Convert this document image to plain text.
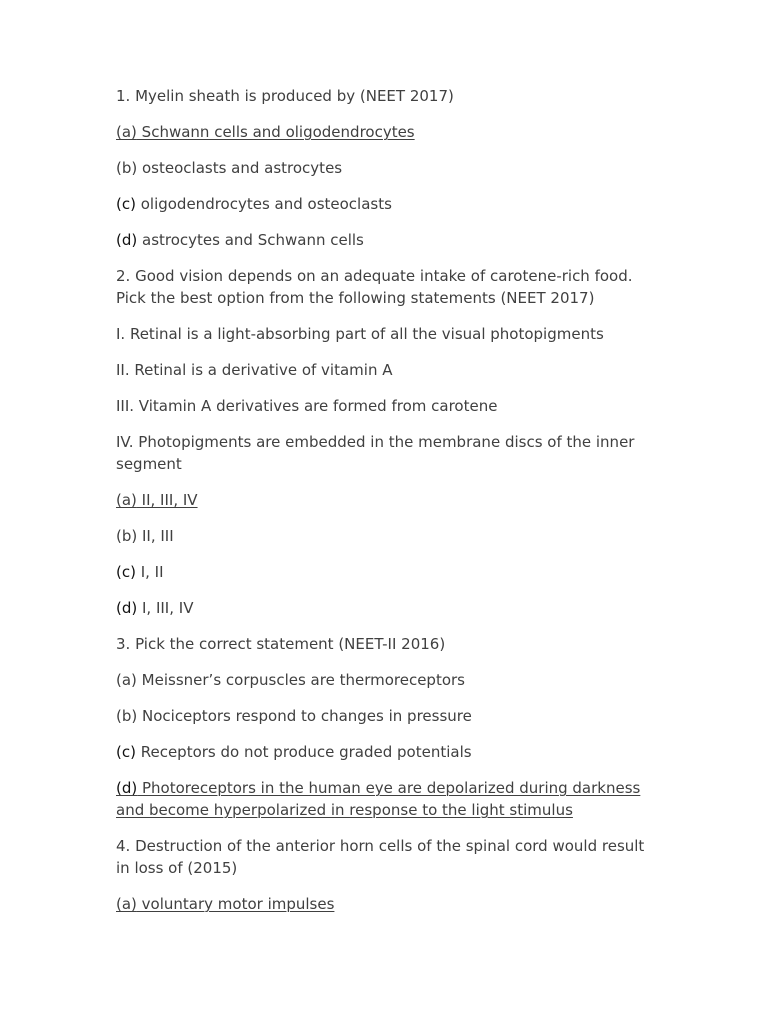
1. Myelin sheath is produced by (NEET 2017)

(a) Schwann cells and oligodendrocytes

(b) osteoclasts and astrocytes

(c) oligodendrocytes and osteoclasts

(d) astrocytes and Schwann cells

2. Good vision depends on an adequate intake of carotene-rich food. Pick the best option from the following statements (NEET 2017)

I. Retinal is a light-absorbing part of all the visual photopigments

II. Retinal is a derivative of vitamin A

III. Vitamin A derivatives are formed from carotene

IV. Photopigments are embedded in the membrane discs of the inner segment

(a) II, III, IV

(b) II, III

(c) I, II

(d) I, III, IV

3. Pick the correct statement (NEET-II 2016)

(a) Meissner’s corpuscles are thermoreceptors

(b) Nociceptors respond to changes in pressure

(c) Receptors do not produce graded potentials

(d) Photoreceptors in the human eye are depolarized during darkness and become hyperpolarized in response to the light stimulus

4. Destruction of the anterior horn cells of the spinal cord would result in loss of (2015)

(a) voluntary motor impulses
